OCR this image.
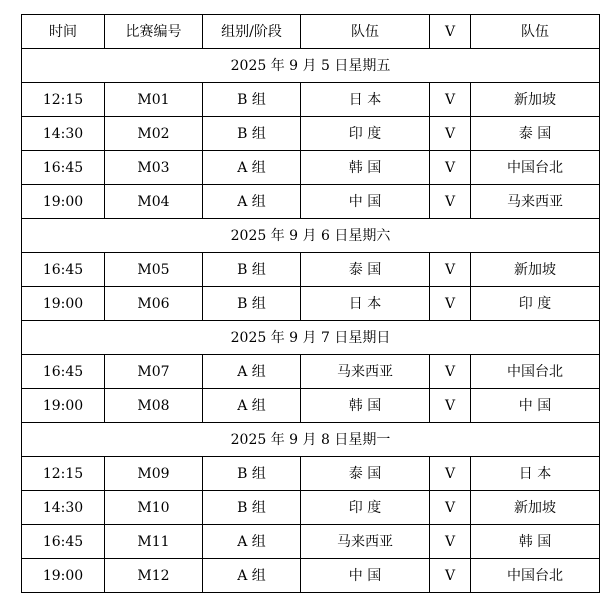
时间	比赛编号	组别/阶段	队伍	V	队伍
2025 年 9 月 5 日星期五					
12:15	M01	B 组	日 本	V	新加坡
14:30	M02	B 组	印 度	V	泰 国
16:45	M03	A 组	韩 国	V	中国台北
19:00	M04	A 组	中 国	V	马来西亚
2025 年 9 月 6 日星期六					
16:45	M05	B 组	泰 国	V	新加坡
19:00	M06	B 组	日 本	V	印 度
2025 年 9 月 7 日星期日					
16:45	M07	A 组	马来西亚	V	中国台北
19:00	M08	A 组	韩 国	V	中 国
2025 年 9 月 8 日星期一					
12:15	M09	B 组	泰 国	V	日 本
14:30	M10	B 组	印 度	V	新加坡
16:45	M11	A 组	马来西亚	V	韩 国
19:00	M12	A 组	中 国	V	中国台北
